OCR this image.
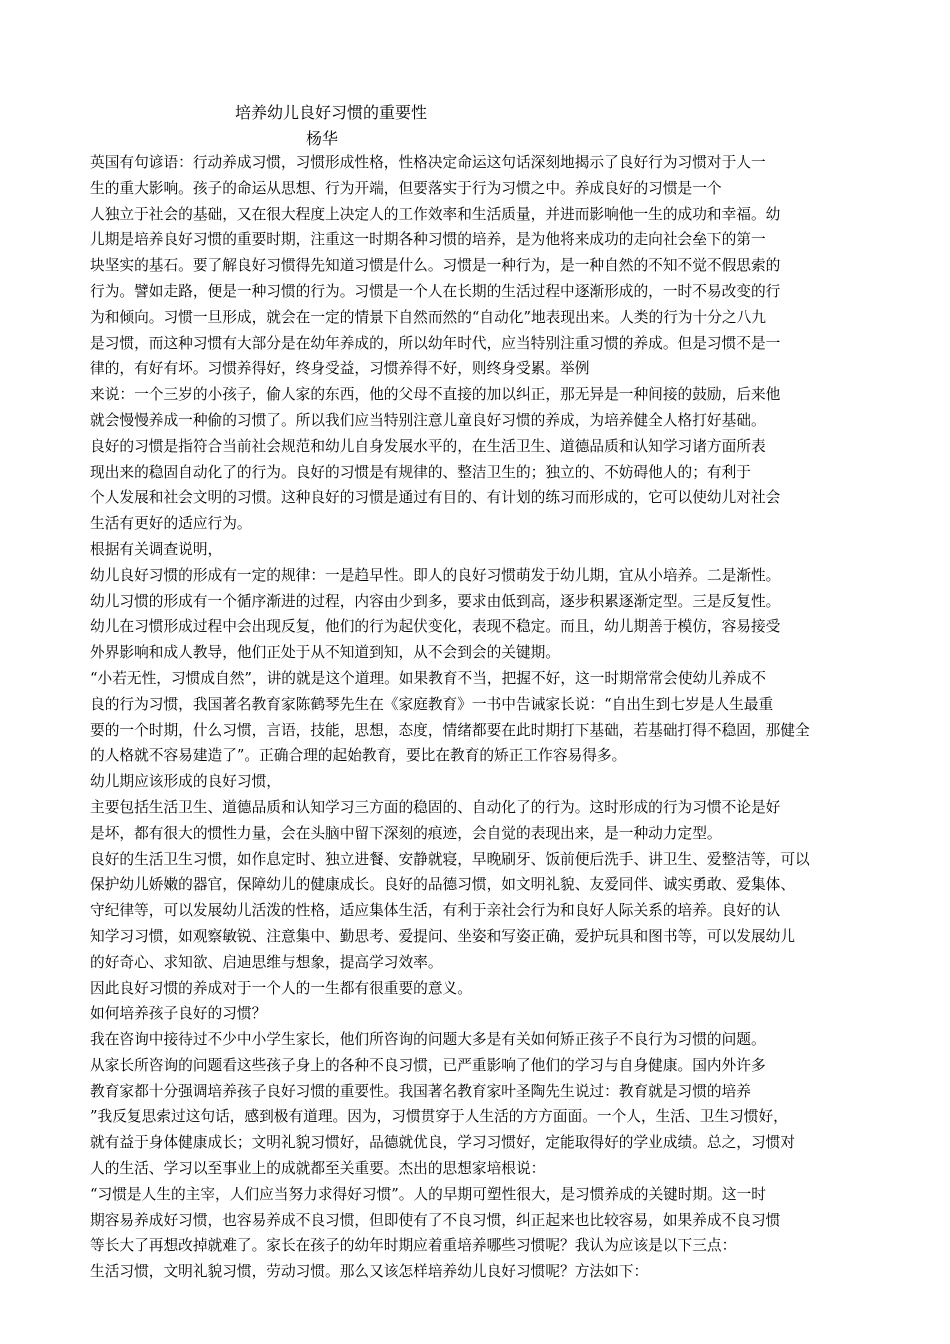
培养幼儿良好习惯的重要性
杨华
英国有句谚语：行动养成习惯，习惯形成性格，性格决定命运这句话深刻地揭示了良好行为习惯对于人一
生的重大影响。孩子的命运从思想、行为开端，但要落实于行为习惯之中。养成良好的习惯是一个
人独立于社会的基础，又在很大程度上决定人的工作效率和生活质量，并进而影响他一生的成功和幸福。幼
儿期是培养良好习惯的重要时期，注重这一时期各种习惯的培养，是为他将来成功的走向社会垒下的第一
块坚实的基石。要了解良好习惯得先知道习惯是什么。习惯是一种行为，是一种自然的不知不觉不假思索的
行为。譬如走路，便是一种习惯的行为。习惯是一个人在长期的生活过程中逐渐形成的，一时不易改变的行
为和倾向。习惯一旦形成，就会在一定的情景下自然而然的“自动化”地表现出来。人类的行为十分之八九
是习惯，而这种习惯有大部分是在幼年养成的，所以幼年时代，应当特别注重习惯的养成。但是习惯不是一
律的，有好有坏。习惯养得好，终身受益，习惯养得不好，则终身受累。举例
来说：一个三岁的小孩子，偷人家的东西，他的父母不直接的加以纠正，那无异是一种间接的鼓励，后来他
就会慢慢养成一种偷的习惯了。所以我们应当特别注意儿童良好习惯的养成，为培养健全人格打好基础。
良好的习惯是指符合当前社会规范和幼儿自身发展水平的，在生活卫生、道德品质和认知学习诸方面所表
现出来的稳固自动化了的行为。良好的习惯是有规律的、整洁卫生的；独立的、不妨碍他人的；有利于
个人发展和社会文明的习惯。这种良好的习惯是通过有目的、有计划的练习而形成的，它可以使幼儿对社会
生活有更好的适应行为。
根据有关调查说明，
幼儿良好习惯的形成有一定的规律：一是趋早性。即人的良好习惯萌发于幼儿期，宜从小培养。二是渐性。
幼儿习惯的形成有一个循序渐进的过程，内容由少到多，要求由低到高，逐步积累逐渐定型。三是反复性。
幼儿在习惯形成过程中会出现反复，他们的行为起伏变化，表现不稳定。而且，幼儿期善于模仿，容易接受
外界影响和成人教导，他们正处于从不知道到知，从不会到会的关键期。
“小若无性，习惯成自然”，讲的就是这个道理。如果教育不当，把握不好，这一时期常常会使幼儿养成不
良的行为习惯，我国著名教育家陈鹤琴先生在《家庭教育》一书中告诫家长说：“自出生到七岁是人生最重
要的一个时期，什么习惯，言语，技能，思想，态度，情绪都要在此时期打下基础，若基础打得不稳固，那健全
的人格就不容易建造了”。正确合理的起始教育，要比在教育的矫正工作容易得多。
幼儿期应该形成的良好习惯，
主要包括生活卫生、道德品质和认知学习三方面的稳固的、自动化了的行为。这时形成的行为习惯不论是好
是坏，都有很大的惯性力量，会在头脑中留下深刻的痕迹，会自觉的表现出来，是一种动力定型。
良好的生活卫生习惯，如作息定时、独立进餐、安静就寝，早晚刷牙、饭前便后洗手、讲卫生、爱整洁等，可以
保护幼儿娇嫩的器官，保障幼儿的健康成长。良好的品德习惯，如文明礼貌、友爱同伴、诚实勇敢、爱集体、
守纪律等，可以发展幼儿活泼的性格，适应集体生活，有利于亲社会行为和良好人际关系的培养。良好的认
知学习习惯，如观察敏锐、注意集中、勤思考、爱提问、坐姿和写姿正确，爱护玩具和图书等，可以发展幼儿
的好奇心、求知欲、启迪思维与想象，提高学习效率。
因此良好习惯的养成对于一个人的一生都有很重要的意义。
如何培养孩子良好的习惯？
我在咨询中接待过不少中小学生家长，他们所咨询的问题大多是有关如何矫正孩子不良行为习惯的问题。
从家长所咨询的问题看这些孩子身上的各种不良习惯，已严重影响了他们的学习与自身健康。国内外许多
教育家都十分强调培养孩子良好习惯的重要性。我国著名教育家叶圣陶先生说过：教育就是习惯的培养
”我反复思索过这句话，感到极有道理。因为，习惯贯穿于人生活的方方面面。一个人，生活、卫生习惯好，
就有益于身体健康成长；文明礼貌习惯好，品德就优良，学习习惯好，定能取得好的学业成绩。总之，习惯对
人的生活、学习以至事业上的成就都至关重要。杰出的思想家培根说：
“习惯是人生的主宰，人们应当努力求得好习惯”。人的早期可塑性很大，是习惯养成的关键时期。这一时
期容易养成好习惯，也容易养成不良习惯，但即使有了不良习惯，纠正起来也比较容易，如果养成不良习惯
等长大了再想改掉就难了。家长在孩子的幼年时期应着重培养哪些习惯呢？我认为应该是以下三点：
生活习惯，文明礼貌习惯，劳动习惯。那么又该怎样培养幼儿良好习惯呢？方法如下：
